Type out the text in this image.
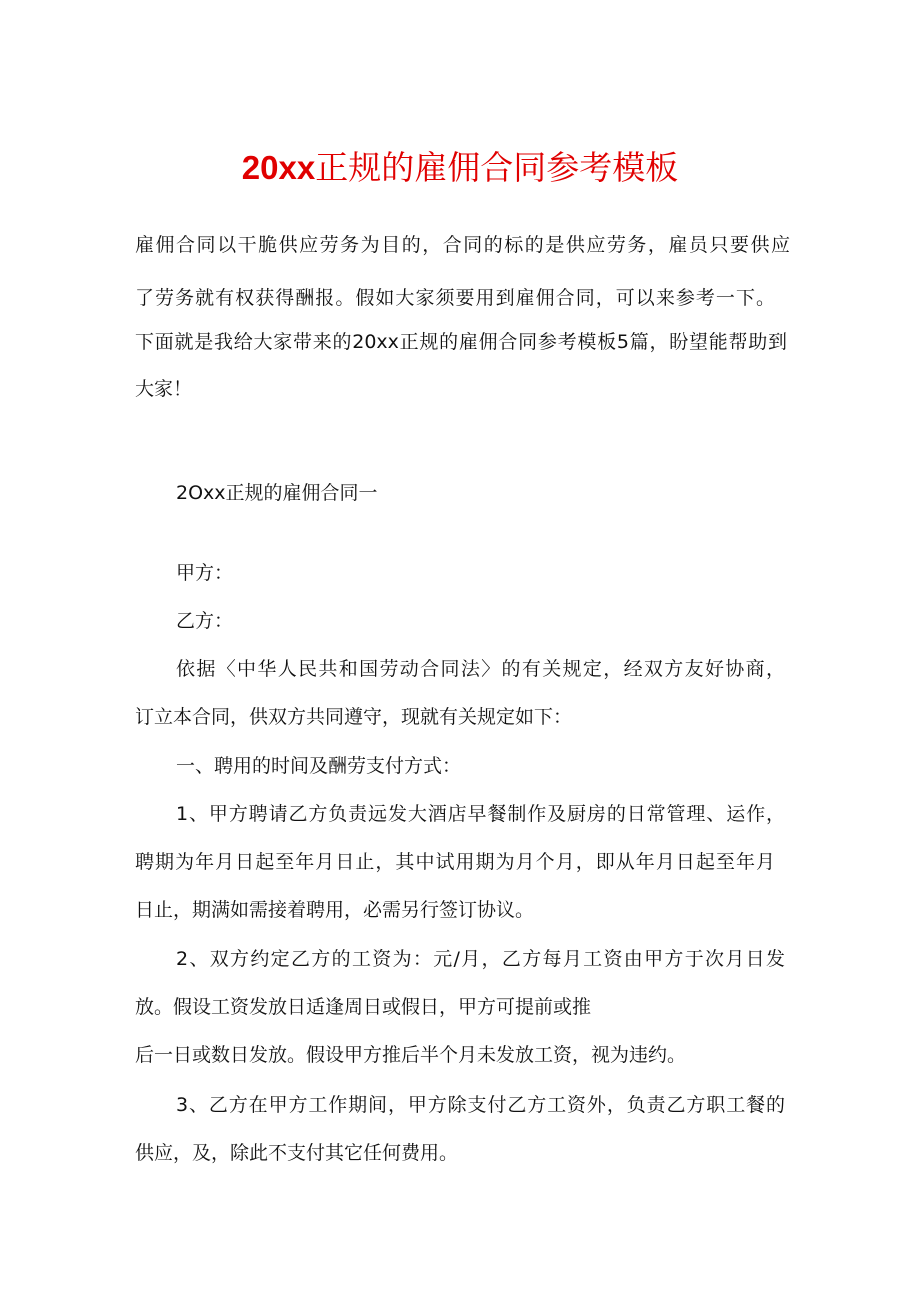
20xx正规的雇佣合同参考模板

雇佣合同以干脆供应劳务为目的，合同的标的是供应劳务，雇员只要供应

了劳务就有权获得酬报。假如大家须要用到雇佣合同，可以来参考一下。

下面就是我给大家带来的20xx正规的雇佣合同参考模板5篇，盼望能帮助到

大家！

2Oxx正规的雇佣合同一

甲方：

乙方：

依据〈中华人民共和国劳动合同法〉的有关规定，经双方友好协商，

订立本合同，供双方共同遵守，现就有关规定如下：

一、聘用的时间及酬劳支付方式：

1、甲方聘请乙方负责远发大酒店早餐制作及厨房的日常管理、运作，

聘期为年月日起至年月日止，其中试用期为月个月，即从年月日起至年月

日止，期满如需接着聘用，必需另行签订协议。

2、双方约定乙方的工资为：元/月，乙方每月工资由甲方于次月日发

放。假设工资发放日适逢周日或假日，甲方可提前或推

后一日或数日发放。假设甲方推后半个月未发放工资，视为违约。

3、乙方在甲方工作期间，甲方除支付乙方工资外，负责乙方职工餐的

供应，及，除此不支付其它任何费用。
